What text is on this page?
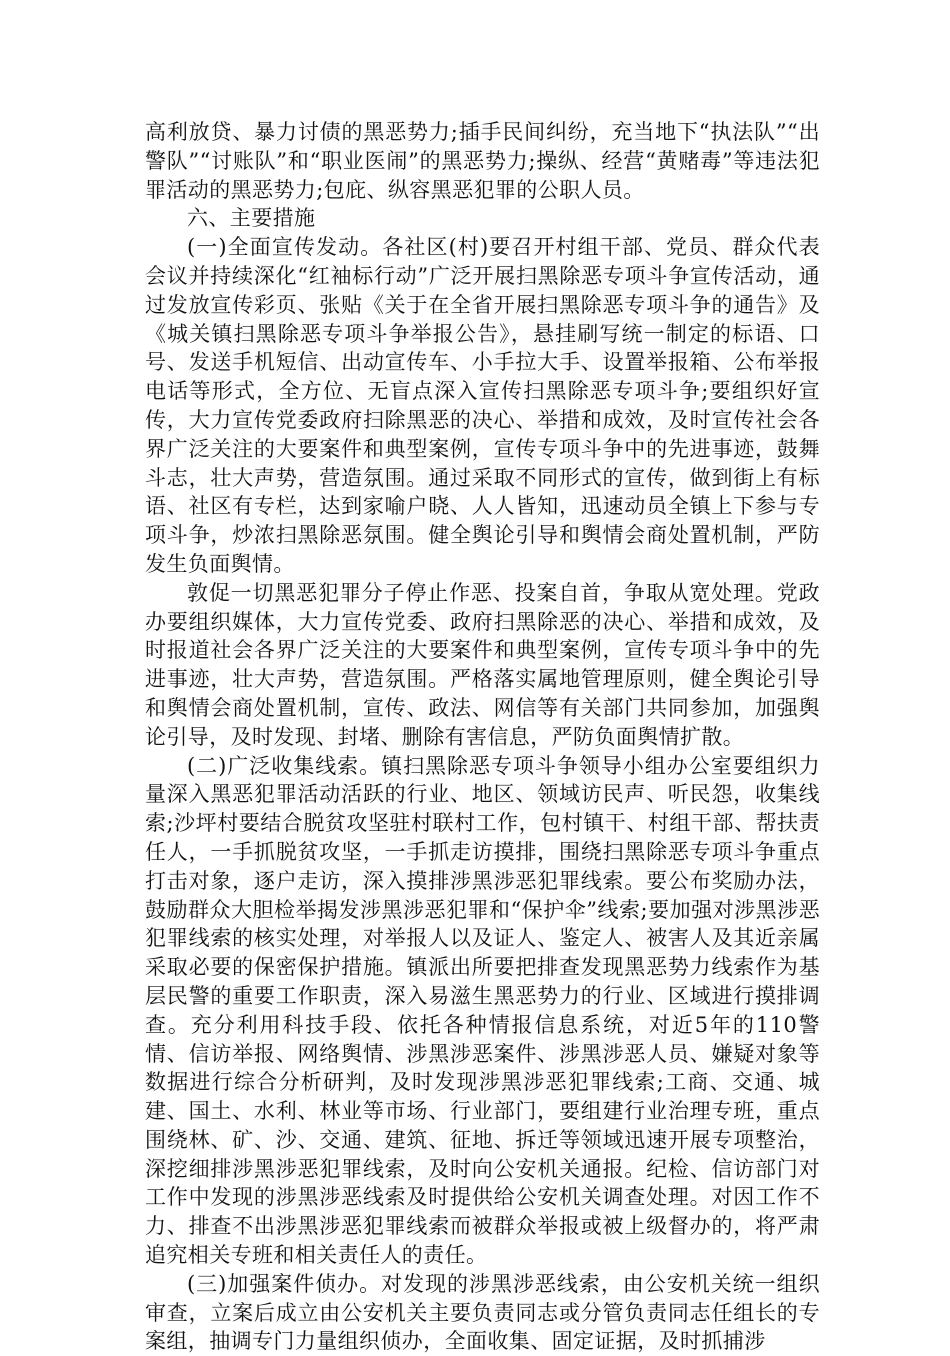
高利放贷、暴力讨债的黑恶势力;插手民间纠纷，充当地下“执法队”“出警队”“讨账队”和“职业医闹”的黑恶势力;操纵、经营“黄赌毒”等违法犯罪活动的黑恶势力;包庇、纵容黑恶犯罪的公职人员。

六、主要措施

(一)全面宣传发动。各社区(村)要召开村组干部、党员、群众代表会议并持续深化“红袖标行动”广泛开展扫黑除恶专项斗争宣传活动，通过发放宣传彩页、张贴《关于在全省开展扫黑除恶专项斗争的通告》及《城关镇扫黑除恶专项斗争举报公告》，悬挂刷写统一制定的标语、口号、发送手机短信、出动宣传车、小手拉大手、设置举报箱、公布举报电话等形式，全方位、无盲点深入宣传扫黑除恶专项斗争;要组织好宣传，大力宣传党委政府扫除黑恶的决心、举措和成效，及时宣传社会各界广泛关注的大要案件和典型案例，宣传专项斗争中的先进事迹，鼓舞斗志，壮大声势，营造氛围。通过采取不同形式的宣传，做到街上有标语、社区有专栏，达到家喻户晓、人人皆知，迅速动员全镇上下参与专项斗争，炒浓扫黑除恶氛围。健全舆论引导和舆情会商处置机制，严防发生负面舆情。

敦促一切黑恶犯罪分子停止作恶、投案自首，争取从宽处理。党政办要组织媒体，大力宣传党委、政府扫黑除恶的决心、举措和成效，及时报道社会各界广泛关注的大要案件和典型案例，宣传专项斗争中的先进事迹，壮大声势，营造氛围。严格落实属地管理原则，健全舆论引导和舆情会商处置机制，宣传、政法、网信等有关部门共同参加，加强舆论引导，及时发现、封堵、删除有害信息，严防负面舆情扩散。

(二)广泛收集线索。镇扫黑除恶专项斗争领导小组办公室要组织力量深入黑恶犯罪活动活跃的行业、地区、领域访民声、听民怨，收集线索;沙坪村要结合脱贫攻坚驻村联村工作，包村镇干、村组干部、帮扶责任人，一手抓脱贫攻坚，一手抓走访摸排，围绕扫黑除恶专项斗争重点打击对象，逐户走访，深入摸排涉黑涉恶犯罪线索。要公布奖励办法，鼓励群众大胆检举揭发涉黑涉恶犯罪和“保护伞”线索;要加强对涉黑涉恶犯罪线索的核实处理，对举报人以及证人、鉴定人、被害人及其近亲属采取必要的保密保护措施。镇派出所要把排查发现黑恶势力线索作为基层民警的重要工作职责，深入易滋生黑恶势力的行业、区域进行摸排调查。充分利用科技手段、依托各种情报信息系统，对近5年的110警情、信访举报、网络舆情、涉黑涉恶案件、涉黑涉恶人员、嫌疑对象等数据进行综合分析研判，及时发现涉黑涉恶犯罪线索;工商、交通、城建、国土、水利、林业等市场、行业部门，要组建行业治理专班，重点围绕林、矿、沙、交通、建筑、征地、拆迁等领域迅速开展专项整治，深挖细排涉黑涉恶犯罪线索，及时向公安机关通报。纪检、信访部门对工作中发现的涉黑涉恶线索及时提供给公安机关调查处理。对因工作不力、排查不出涉黑涉恶犯罪线索而被群众举报或被上级督办的，将严肃追究相关专班和相关责任人的责任。

(三)加强案件侦办。对发现的涉黑涉恶线索，由公安机关统一组织审查，立案后成立由公安机关主要负责同志或分管负责同志任组长的专案组，抽调专门力量组织侦办，全面收集、固定证据，及时抓捕涉
